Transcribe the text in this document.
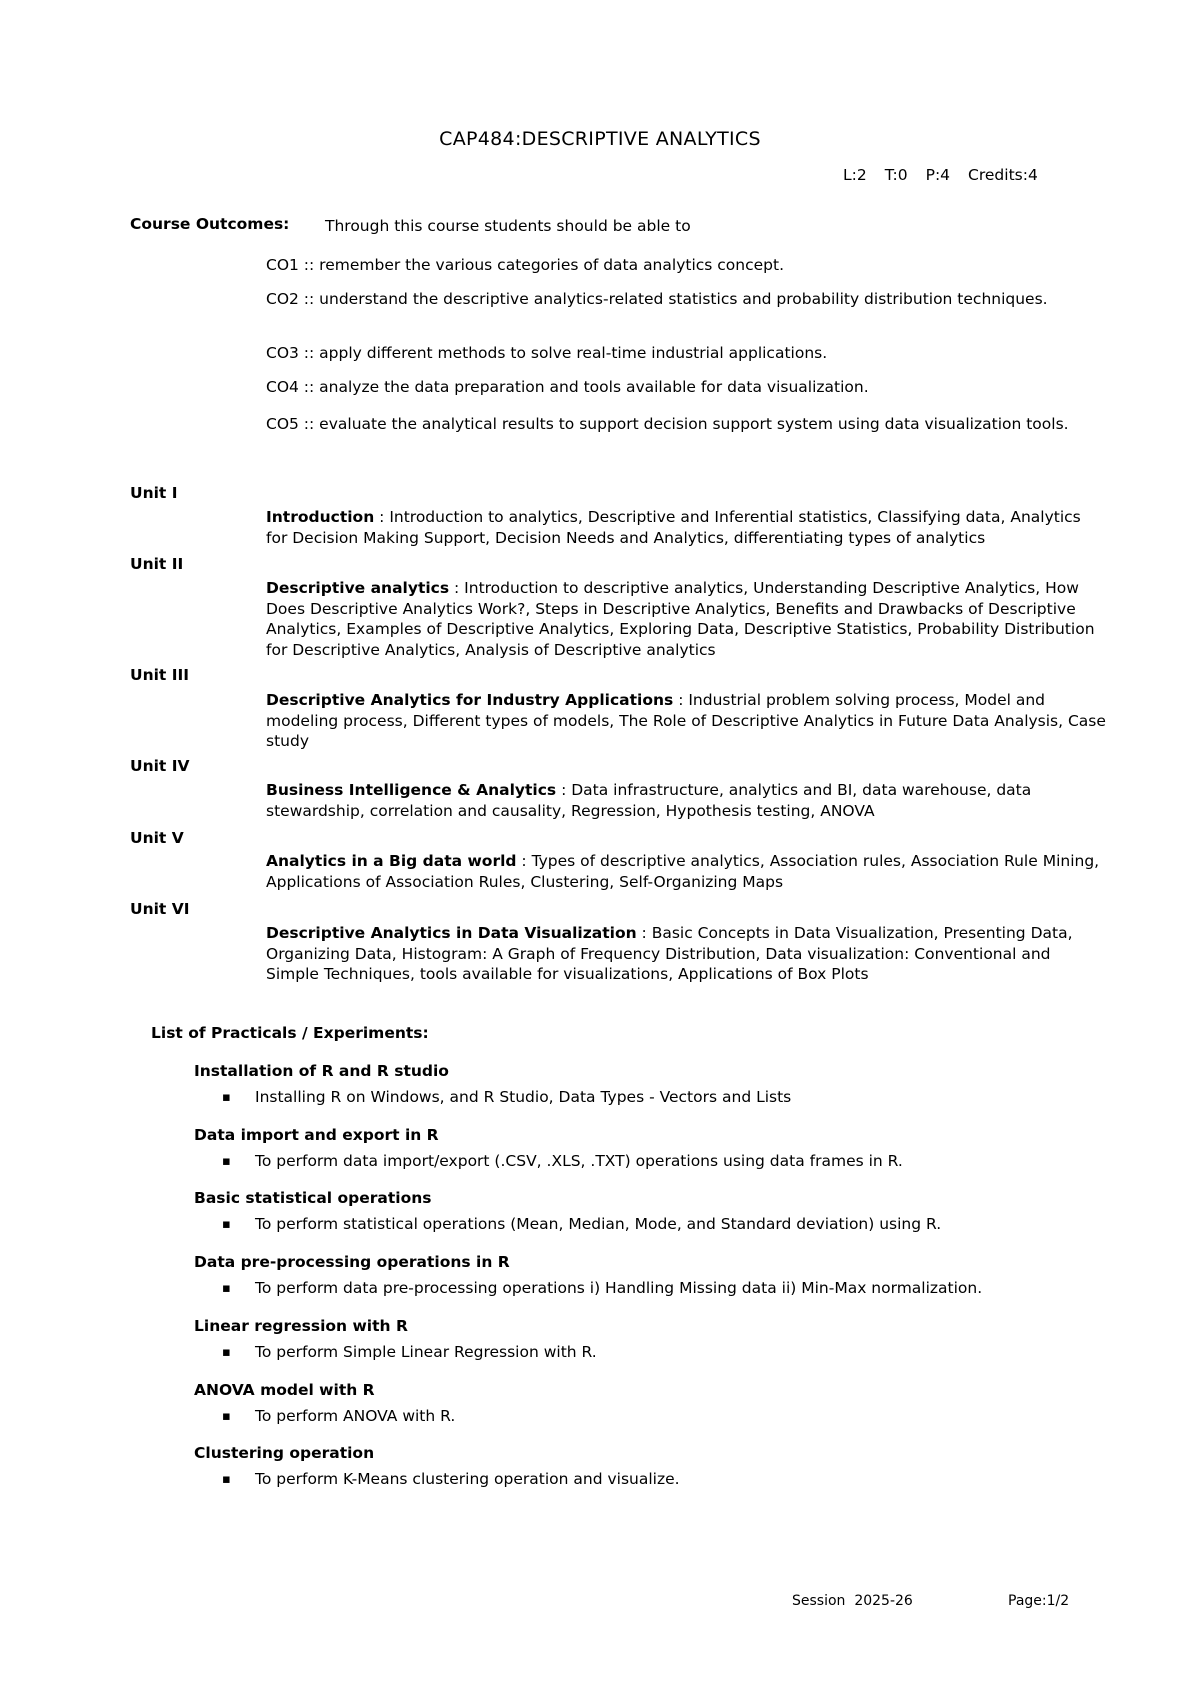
CAP484:DESCRIPTIVE ANALYTICS
L:2 T:0 P:4 Credits:4
Course Outcomes: Through this course students should be able to
CO1 :: remember the various categories of data analytics concept.
CO2 :: understand the descriptive analytics-related statistics and probability distribution techniques.
CO3 :: apply different methods to solve real-time industrial applications.
CO4 :: analyze the data preparation and tools available for data visualization.
CO5 :: evaluate the analytical results to support decision support system using data visualization tools.
Unit I
Introduction : Introduction to analytics, Descriptive and Inferential statistics, Classifying data, Analytics for Decision Making Support, Decision Needs and Analytics, differentiating types of analytics
Unit II
Descriptive analytics : Introduction to descriptive analytics, Understanding Descriptive Analytics, How Does Descriptive Analytics Work?, Steps in Descriptive Analytics, Benefits and Drawbacks of Descriptive Analytics, Examples of Descriptive Analytics, Exploring Data, Descriptive Statistics, Probability Distribution for Descriptive Analytics, Analysis of Descriptive analytics
Unit III
Descriptive Analytics for Industry Applications : Industrial problem solving process, Model and modeling process, Different types of models, The Role of Descriptive Analytics in Future Data Analysis, Case study
Unit IV
Business Intelligence & Analytics : Data infrastructure, analytics and BI, data warehouse, data stewardship, correlation and causality, Regression, Hypothesis testing, ANOVA
Unit V
Analytics in a Big data world : Types of descriptive analytics, Association rules, Association Rule Mining, Applications of Association Rules, Clustering, Self-Organizing Maps
Unit VI
Descriptive Analytics in Data Visualization : Basic Concepts in Data Visualization, Presenting Data, Organizing Data, Histogram: A Graph of Frequency Distribution, Data visualization: Conventional and Simple Techniques, tools available for visualizations, Applications of Box Plots
List of Practicals / Experiments:
Installation of R and R studio
▪ Installing R on Windows, and R Studio, Data Types - Vectors and Lists
Data import and export in R
▪ To perform data import/export (.CSV, .XLS, .TXT) operations using data frames in R.
Basic statistical operations
▪ To perform statistical operations (Mean, Median, Mode, and Standard deviation) using R.
Data pre-processing operations in R
▪ To perform data pre-processing operations i) Handling Missing data ii) Min-Max normalization.
Linear regression with R
▪ To perform Simple Linear Regression with R.
ANOVA model with R
▪ To perform ANOVA with R.
Clustering operation
▪ To perform K-Means clustering operation and visualize.
Session  2025-26	Page:1/2
